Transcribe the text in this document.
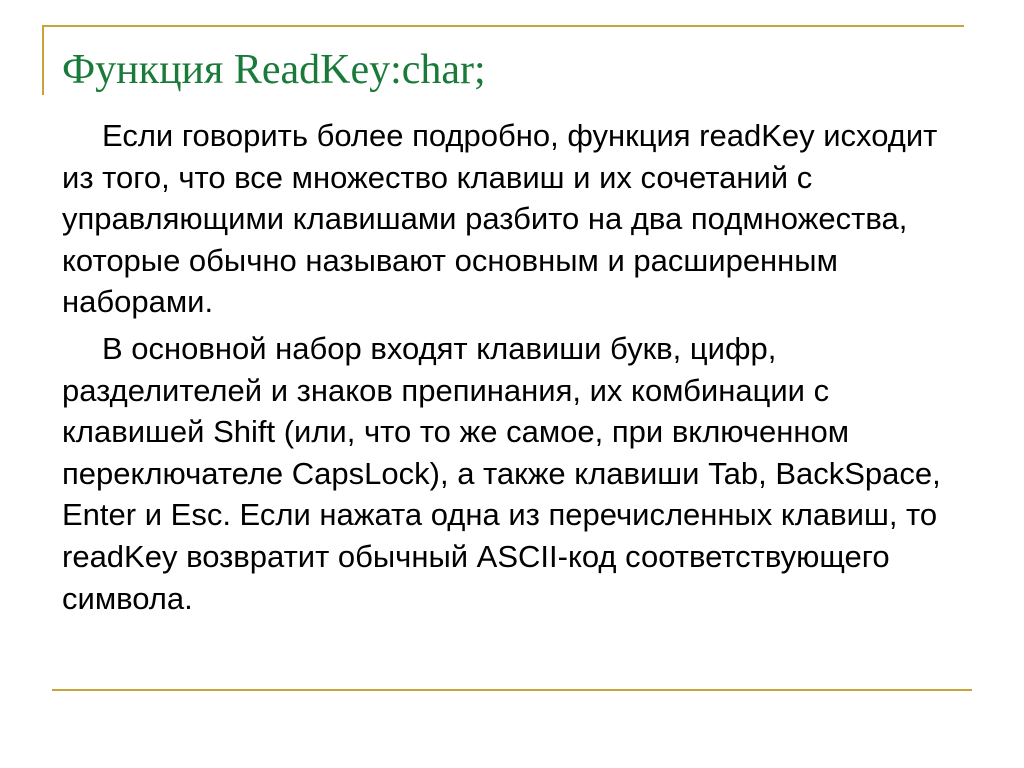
Функция ReadKey:char;

Если говорить более подробно, функция readKey исходит из того, что все множество клавиш и их сочетаний с управляющими клавишами разбито на два подмножества, которые обычно называют основным и расширенным наборами.

В основной набор входят клавиши букв, цифр, разделителей и знаков препинания, их комбинации с клавишей Shift (или, что то же самое, при включенном переключателе CapsLock), а также клавиши Tab, BackSpace, Enter и Esc. Если нажата одна из перечисленных клавиш, то readKey возвратит обычный ASCII-код соответствующего символа.
